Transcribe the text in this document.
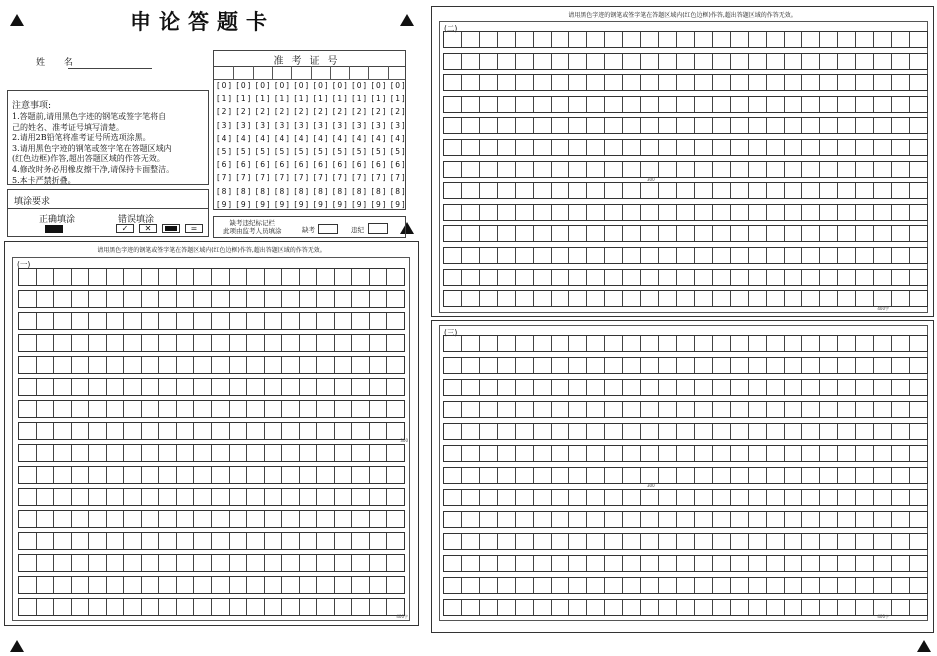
申论答题卡
姓 名
注意事项:
1.答题前,请用黑色字迹的钢笔或签字笔将自
己的姓名、准考证号填写清楚。
2.请用2B铅笔将准考证号所选项涂黑。
3.请用黑色字迹的钢笔或签字笔在答题区域内
(红色边框)作答,超出答题区域的作答无效。
4.修改时务必用橡皮擦干净,请保持卡面整洁。
5.本卡严禁折叠。
填涂要求
正确填涂	错误填涂
✓	✕	=
准考证号
[ 0 ]	[ 0 ]	[ 0 ]	[ 0 ]	[ 0 ]	[ 0 ]	[ 0 ]	[ 0 ]	[ 0 ]	[ 0 ]
[ 1 ]	[ 1 ]	[ 1 ]	[ 1 ]	[ 1 ]	[ 1 ]	[ 1 ]	[ 1 ]	[ 1 ]	[ 1 ]
[ 2 ]	[ 2 ]	[ 2 ]	[ 2 ]	[ 2 ]	[ 2 ]	[ 2 ]	[ 2 ]	[ 2 ]	[ 2 ]
[ 3 ]	[ 3 ]	[ 3 ]	[ 3 ]	[ 3 ]	[ 3 ]	[ 3 ]	[ 3 ]	[ 3 ]	[ 3 ]
[ 4 ]	[ 4 ]	[ 4 ]	[ 4 ]	[ 4 ]	[ 4 ]	[ 4 ]	[ 4 ]	[ 4 ]	[ 4 ]
[ 5 ]	[ 5 ]	[ 5 ]	[ 5 ]	[ 5 ]	[ 5 ]	[ 5 ]	[ 5 ]	[ 5 ]	[ 5 ]
[ 6 ]	[ 6 ]	[ 6 ]	[ 6 ]	[ 6 ]	[ 6 ]	[ 6 ]	[ 6 ]	[ 6 ]	[ 6 ]
[ 7 ]	[ 7 ]	[ 7 ]	[ 7 ]	[ 7 ]	[ 7 ]	[ 7 ]	[ 7 ]	[ 7 ]	[ 7 ]
[ 8 ]	[ 8 ]	[ 8 ]	[ 8 ]	[ 8 ]	[ 8 ]	[ 8 ]	[ 8 ]	[ 8 ]	[ 8 ]
[ 9 ]	[ 9 ]	[ 9 ]	[ 9 ]	[ 9 ]	[ 9 ]	[ 9 ]	[ 9 ]	[ 9 ]	[ 9 ]
缺考违纪标记栏
此项由监考人员填涂	缺考	违纪
请用黑色字迹的钢笔或签字笔在答题区域内(红色边框)作答,超出答题区域的作答无效。
(一)
300
400字
请用黑色字迹的钢笔或签字笔在答题区域内(红色边框)作答,超出答题区域的作答无效。
(二)
300
400字
(三)
300
400字
